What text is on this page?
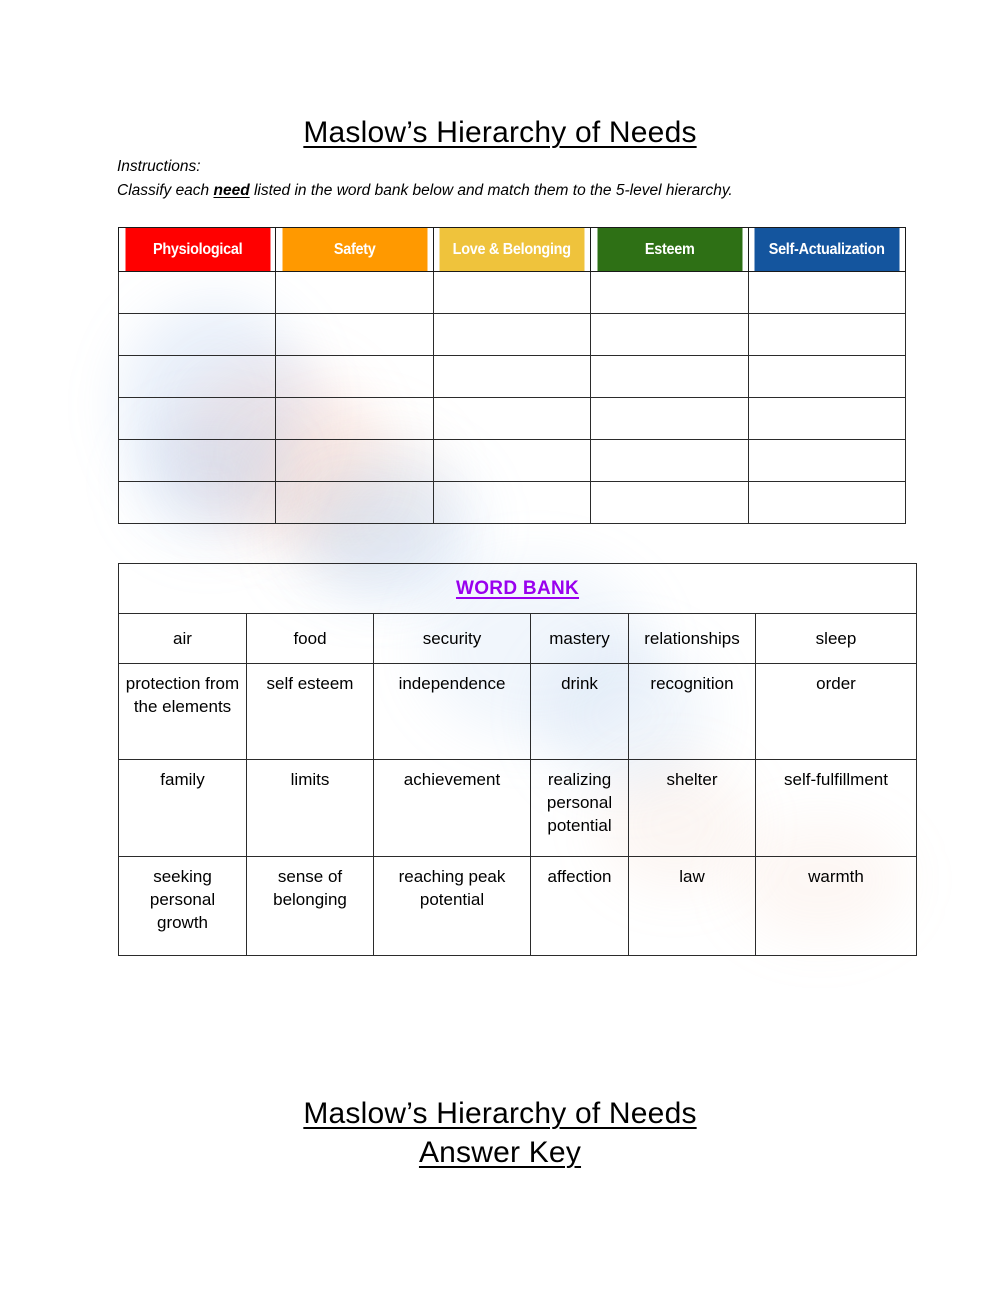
Maslow’s Hierarchy of Needs
Instructions:
Classify each need listed in the word bank below and match them to the 5-level hierarchy.
Physiological	Safety	Love & Belonging	Esteem	Self-Actualization

WORD BANK					
air	food	security	mastery	relationships	sleep
protection from the elements	self esteem	independence	drink	recognition	order
family	limits	achievement	realizing personal potential	shelter	self-fulfillment
seeking personal growth	sense of belonging	reaching peak potential	affection	law	warmth
Maslow’s Hierarchy of Needs
Answer Key
